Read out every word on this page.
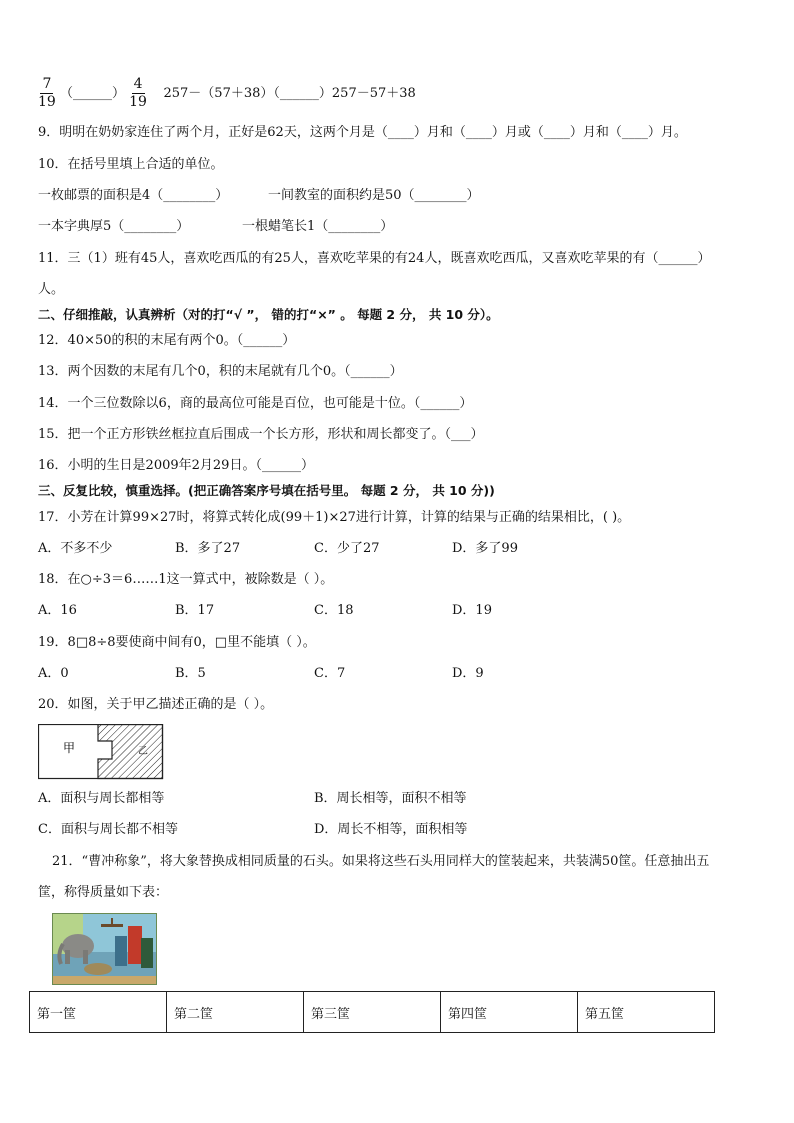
$\frac{7}{19}$ （______） $\frac{4}{19}$ 257－（57＋38）（______）257－57＋38
9．明明在奶奶家连住了两个月，正好是62天，这两个月是（____）月和（____）月或（____）月和（____）月。
10．在括号里填上合适的单位。
一枚邮票的面积是4（________）	一间教室的面积约是50（________）
一本字典厚5（________）	一根蜡笔长1（________）
11．三（1）班有45人，喜欢吃西瓜的有25人，喜欢吃苹果的有24人，既喜欢吃西瓜，又喜欢吃苹果的有（______）
人。
二、仔细推敲，认真辨析（对的打“√ ”， 错的打“×” 。 每题 2 分， 共 10 分）。
12．40×50的积的末尾有两个0。（______）
13．两个因数的末尾有几个0，积的末尾就有几个0。（______）
14．一个三位数除以6，商的最高位可能是百位，也可能是十位。（______）
15．把一个正方形铁丝框拉直后围成一个长方形，形状和周长都变了。（___）
16．小明的生日是2009年2月29日。（______）
三、反复比较，慎重选择。(把正确答案序号填在括号里。 每题 2 分， 共 10 分))
17．小芳在计算99×27时，将算式转化成(99＋1)×27进行计算，计算的结果与正确的结果相比，( )。
A．不多不少	B．多了27	C．少了27	D．多了99
18．在○÷3＝6……1这一算式中，被除数是（ ）。
A．16	B．17	C．18	D．19
19．8□8÷8要使商中间有0，□里不能填（ ）。
A．0	B．5	C．7	D．9
20．如图，关于甲乙描述正确的是（ ）。
甲	乙
A．面积与周长都相等	B．周长相等，面积不相等
C．面积与周长都不相等	D．周长不相等，面积相等
21．“曹冲称象”，将大象替换成相同质量的石头。如果将这些石头用同样大的筐装起来，共装满50筐。任意抽出五
筐，称得质量如下表：
第一筐	第二筐	第三筐	第四筐	第五筐
